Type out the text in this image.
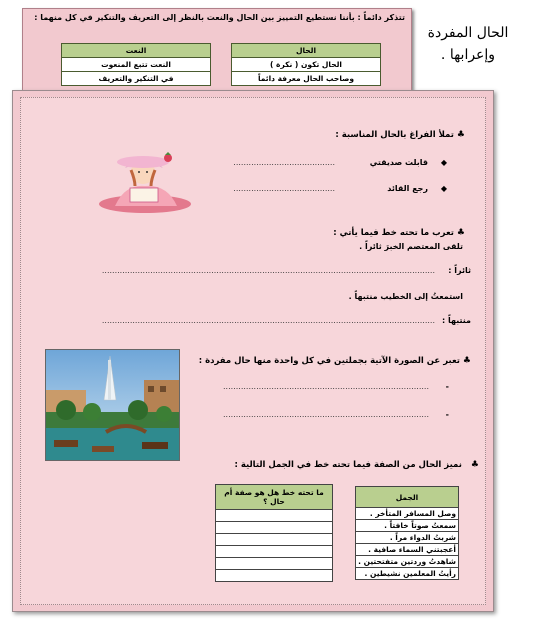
الحال المفردة
وإعرابها .
تتذكر دائماً : بأننا نستطيع التمييز بين الحال والنعت بالنظر إلى التعريف والتنكير في كل منهما :
الحال
الحال تكون ( نكرة )
وصاحب الحال معرفة دائماً
النعت
النعت تتبع المنعوت
في التنكير والتعريف
♣ تملأ الفراغ بالحال المناسبة :
◆ قابلت صديقتي
........................................
◆ رجع القائد
........................................
♣ تعرب ما تحته خط فيما يأتي :
تلقى المعتصم الخبرَ ثائراً .
ثائراً :
...................................................................................................................................
استمعتُ إلى الخطيب منتبهاً .
منتبهاً :
...................................................................................................................................
♣ تعبر عن الصورة الآتية بجملتين في كل واحدة منها حال مفردة :
-
.................................................................................
-
.................................................................................
♣ نميز الحال من الصفة فيما تحته خط في الجمل التالية :
الجمل
وصل المسافر المتأخر .
سمعتُ صوتاً خافتاً .
شربتُ الدواء مراً .
أعجبتني السماء صافية .
شاهدتُ وردتين متفتحتين .
رأيتُ المعلمين نشيطين .
ما تحته خط هل هو صفة أم
حال ؟
